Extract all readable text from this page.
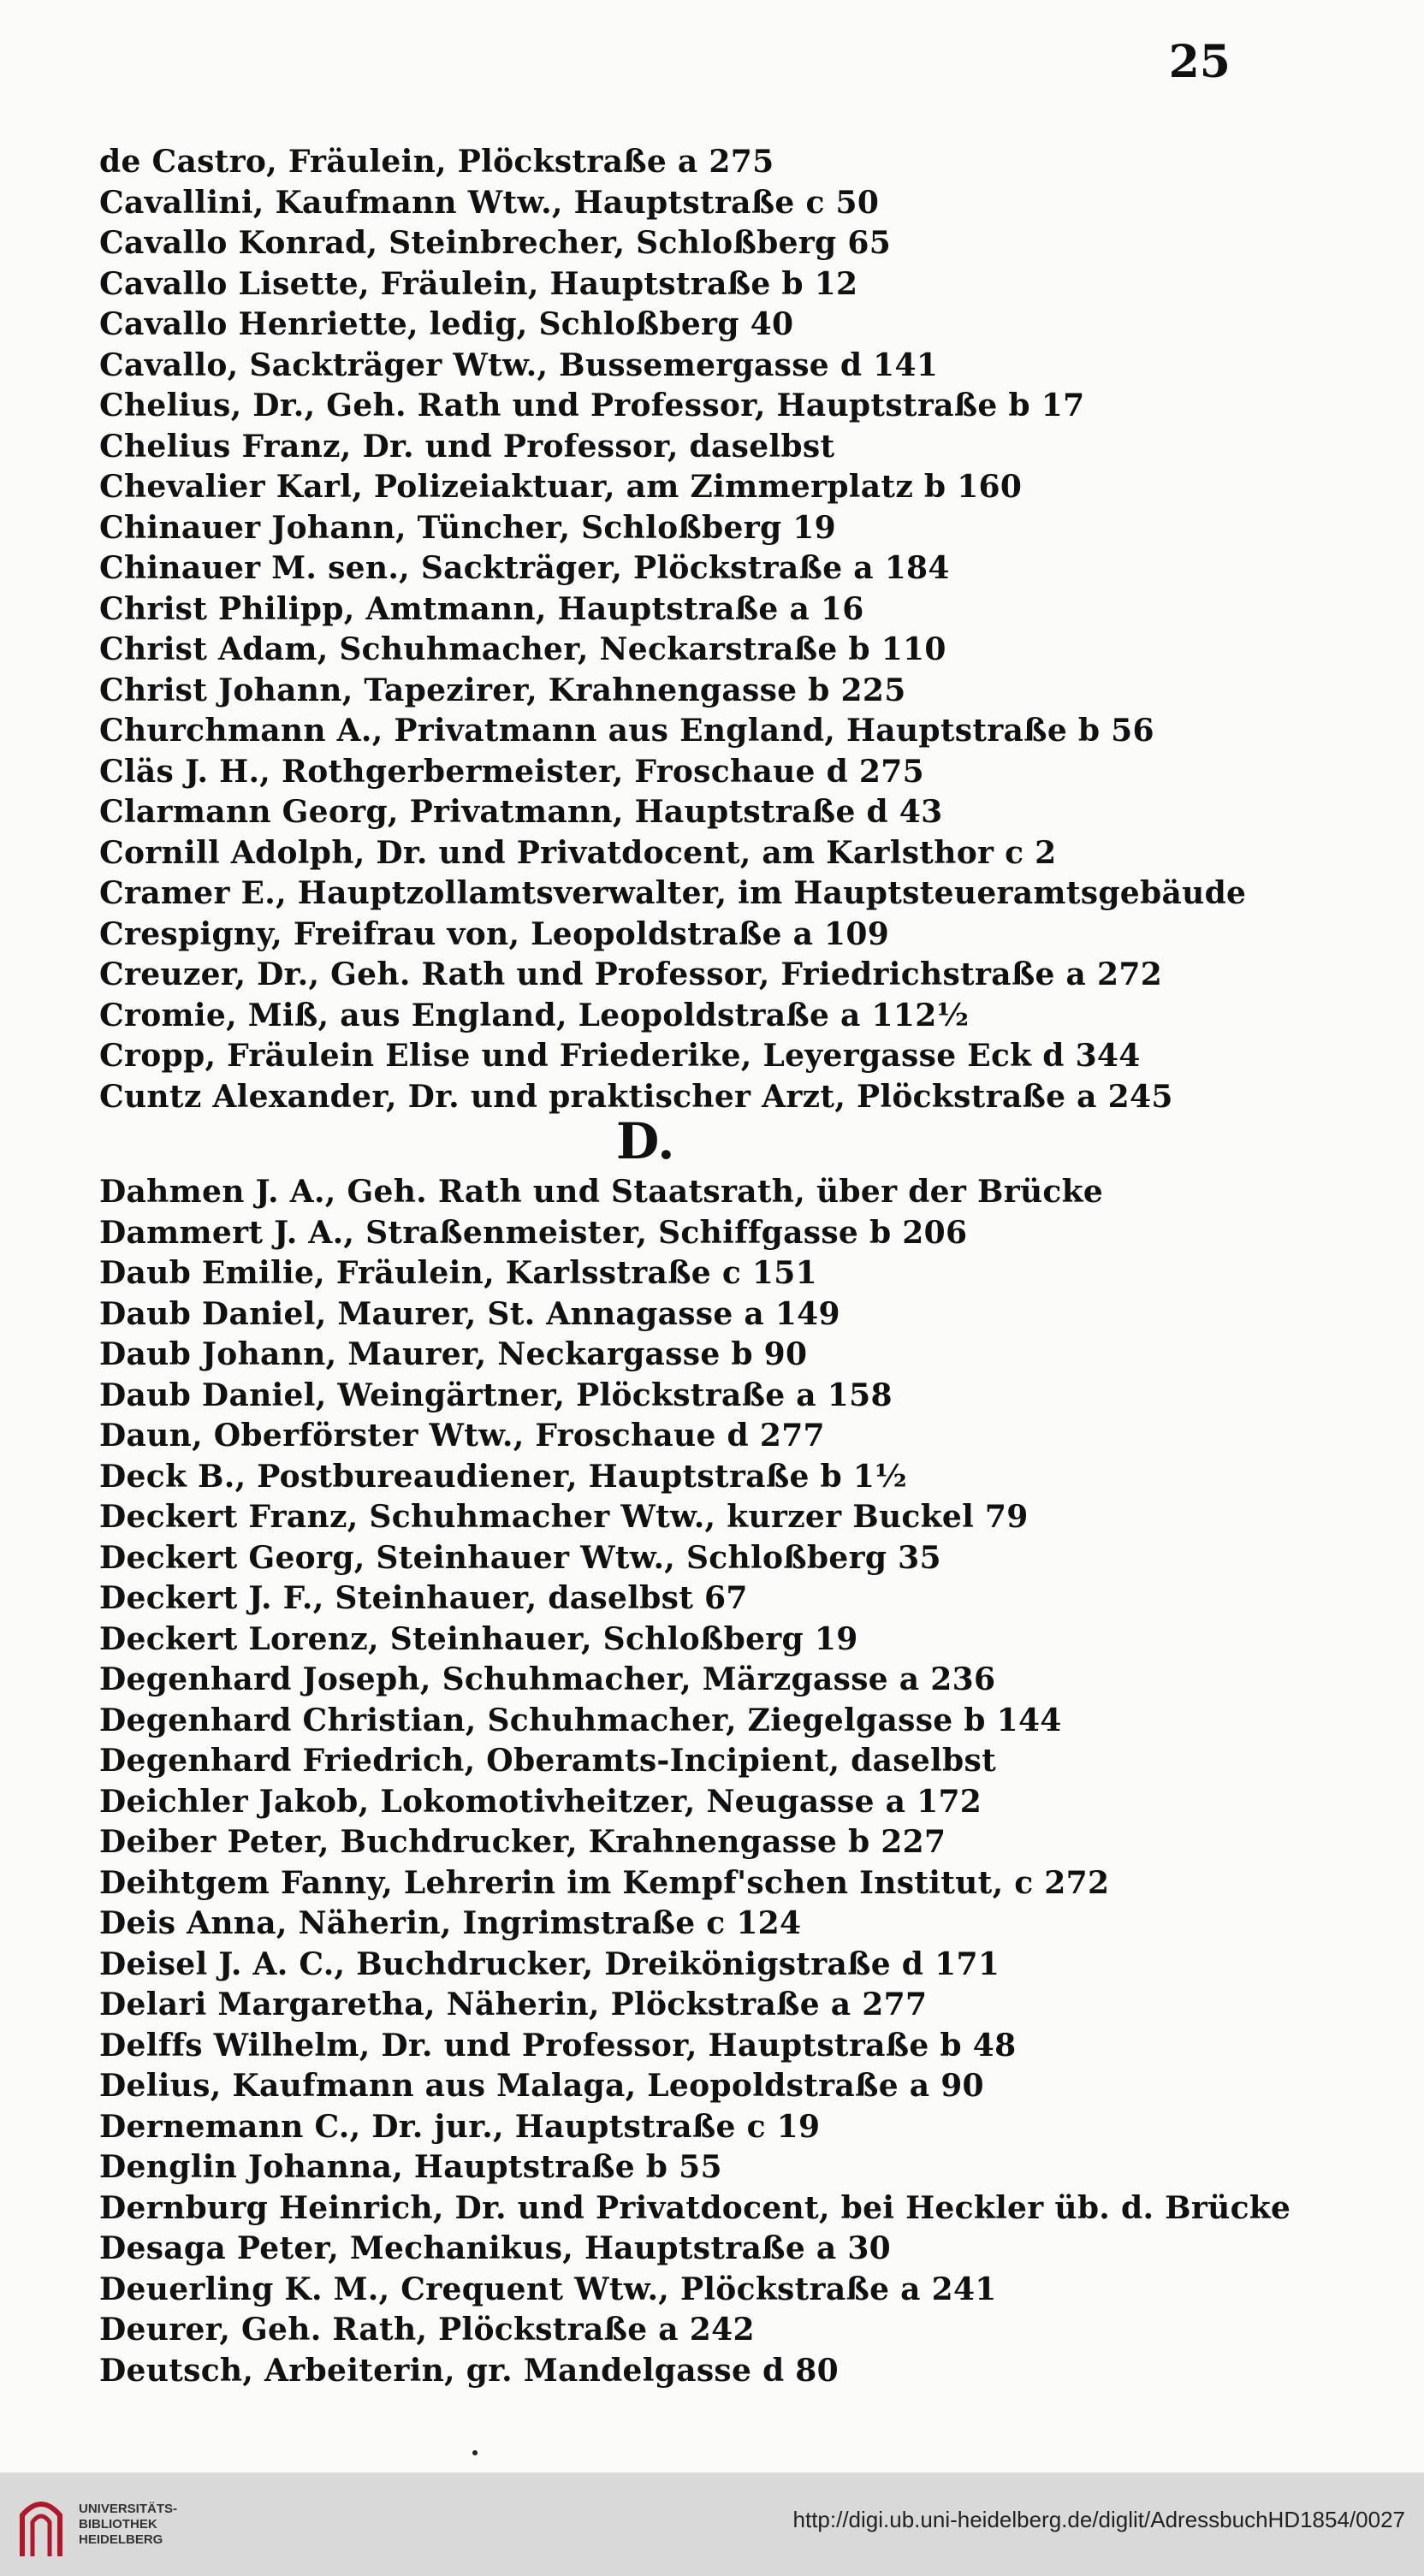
25
de Castro, Fräulein, Plöckstraße a 275
Cavallini, Kaufmann Wtw., Hauptstraße c 50
Cavallo Konrad, Steinbrecher, Schloßberg 65
Cavallo Lisette, Fräulein, Hauptstraße b 12
Cavallo Henriette, ledig, Schloßberg 40
Cavallo, Sackträger Wtw., Bussemergasse d 141
Chelius, Dr., Geh. Rath und Professor, Hauptstraße b 17
Chelius Franz, Dr. und Professor, daselbst
Chevalier Karl, Polizeiaktuar, am Zimmerplatz b 160
Chinauer Johann, Tüncher, Schloßberg 19
Chinauer M. sen., Sackträger, Plöckstraße a 184
Christ Philipp, Amtmann, Hauptstraße a 16
Christ Adam, Schuhmacher, Neckarstraße b 110
Christ Johann, Tapezirer, Krahnengasse b 225
Churchmann A., Privatmann aus England, Hauptstraße b 56
Cläs J. H., Rothgerbermeister, Froschaue d 275
Clarmann Georg, Privatmann, Hauptstraße d 43
Cornill Adolph, Dr. und Privatdocent, am Karlsthor c 2
Cramer E., Hauptzollamtsverwalter, im Hauptsteueramtsgebäude
Crespigny, Freifrau von, Leopoldstraße a 109
Creuzer, Dr., Geh. Rath und Professor, Friedrichstraße a 272
Cromie, Miß, aus England, Leopoldstraße a 112½
Cropp, Fräulein Elise und Friederike, Leyergasse Eck d 344
Cuntz Alexander, Dr. und praktischer Arzt, Plöckstraße a 245
D.
Dahmen J. A., Geh. Rath und Staatsrath, über der Brücke
Dammert J. A., Straßenmeister, Schiffgasse b 206
Daub Emilie, Fräulein, Karlsstraße c 151
Daub Daniel, Maurer, St. Annagasse a 149
Daub Johann, Maurer, Neckargasse b 90
Daub Daniel, Weingärtner, Plöckstraße a 158
Daun, Oberförster Wtw., Froschaue d 277
Deck B., Postbureaudiener, Hauptstraße b 1½
Deckert Franz, Schuhmacher Wtw., kurzer Buckel 79
Deckert Georg, Steinhauer Wtw., Schloßberg 35
Deckert J. F., Steinhauer, daselbst 67
Deckert Lorenz, Steinhauer, Schloßberg 19
Degenhard Joseph, Schuhmacher, Märzgasse a 236
Degenhard Christian, Schuhmacher, Ziegelgasse b 144
Degenhard Friedrich, Oberamts-Incipient, daselbst
Deichler Jakob, Lokomotivheitzer, Neugasse a 172
Deiber Peter, Buchdrucker, Krahnengasse b 227
Deihtgem Fanny, Lehrerin im Kempf'schen Institut, c 272
Deis Anna, Näherin, Ingrimstraße c 124
Deisel J. A. C., Buchdrucker, Dreikönigstraße d 171
Delari Margaretha, Näherin, Plöckstraße a 277
Delffs Wilhelm, Dr. und Professor, Hauptstraße b 48
Delius, Kaufmann aus Malaga, Leopoldstraße a 90
Dernemann C., Dr. jur., Hauptstraße c 19
Denglin Johanna, Hauptstraße b 55
Dernburg Heinrich, Dr. und Privatdocent, bei Heckler üb. d. Brücke
Desaga Peter, Mechanikus, Hauptstraße a 30
Deuerling K. M., Crequent Wtw., Plöckstraße a 241
Deurer, Geh. Rath, Plöckstraße a 242
Deutsch, Arbeiterin, gr. Mandelgasse d 80
UNIVERSITÄTS-
BIBLIOTHEK
HEIDELBERG
http://digi.ub.uni-heidelberg.de/diglit/AdressbuchHD1854/0027
